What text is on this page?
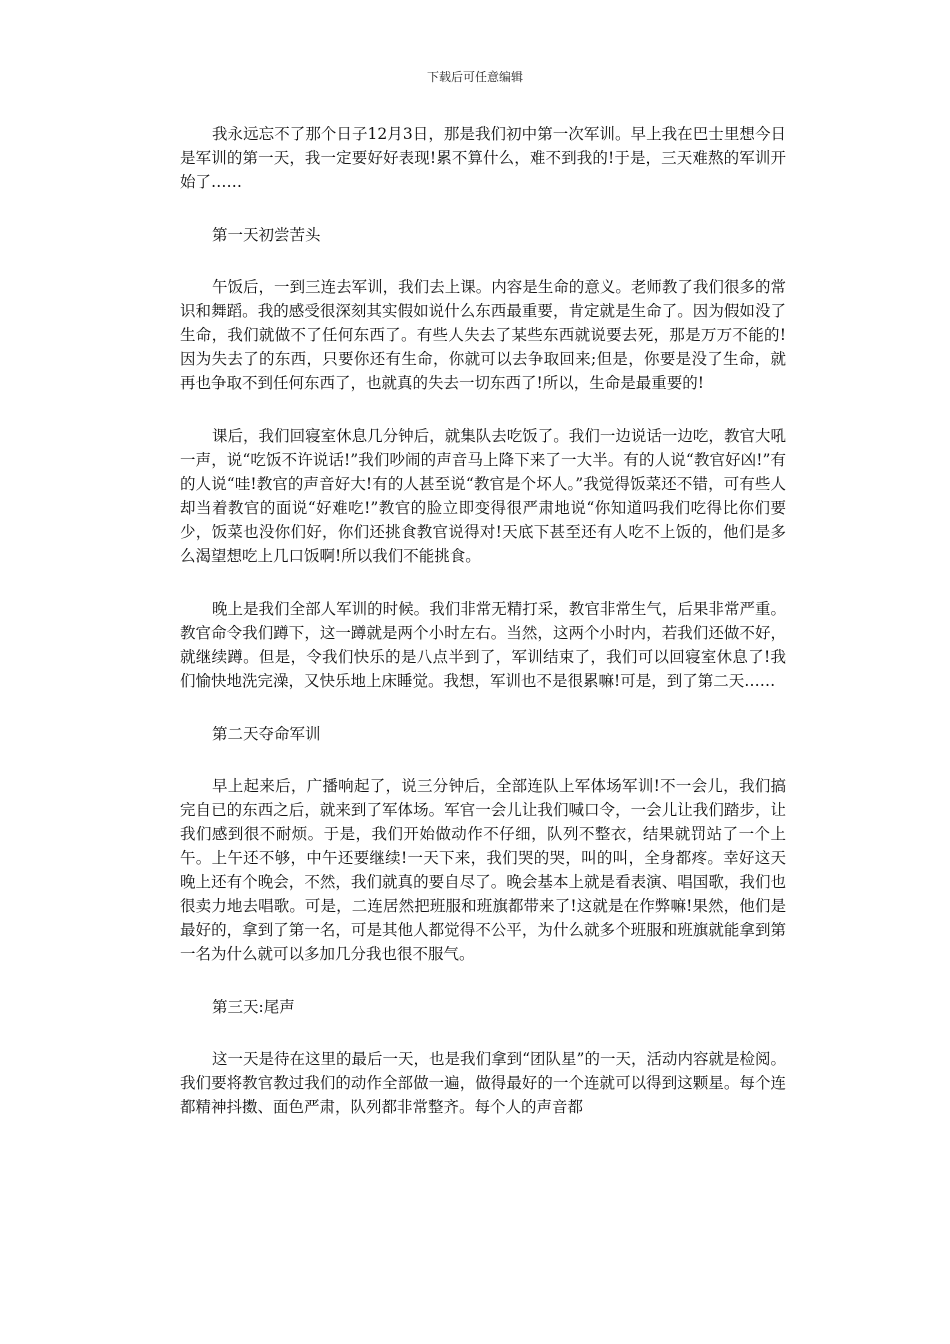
下载后可任意编辑

我永远忘不了那个日子12月3日，那是我们初中第一次军训。早上我在巴士里想今日是军训的第一天，我一定要好好表现!累不算什么，难不到我的!于是，三天难熬的军训开始了……

第一天初尝苦头

午饭后，一到三连去军训，我们去上课。内容是生命的意义。老师教了我们很多的常识和舞蹈。我的感受很深刻其实假如说什么东西最重要，肯定就是生命了。因为假如没了生命，我们就做不了任何东西了。有些人失去了某些东西就说要去死，那是万万不能的!因为失去了的东西，只要你还有生命，你就可以去争取回来;但是，你要是没了生命，就再也争取不到任何东西了，也就真的失去一切东西了!所以，生命是最重要的!

课后，我们回寝室休息几分钟后，就集队去吃饭了。我们一边说话一边吃，教官大吼一声，说“吃饭不许说话!”我们吵闹的声音马上降下来了一大半。有的人说“教官好凶!”有的人说“哇!教官的声音好大!有的人甚至说“教官是个坏人。”我觉得饭菜还不错，可有些人却当着教官的面说“好难吃!”教官的脸立即变得很严肃地说“你知道吗我们吃得比你们要少，饭菜也没你们好，你们还挑食教官说得对!天底下甚至还有人吃不上饭的，他们是多么渴望想吃上几口饭啊!所以我们不能挑食。

晚上是我们全部人军训的时候。我们非常无精打采，教官非常生气，后果非常严重。教官命令我们蹲下，这一蹲就是两个小时左右。当然，这两个小时内，若我们还做不好，就继续蹲。但是，令我们快乐的是八点半到了，军训结束了，我们可以回寝室休息了!我们愉快地洗完澡，又快乐地上床睡觉。我想，军训也不是很累嘛!可是，到了第二天……

第二天夺命军训

早上起来后，广播响起了，说三分钟后，全部连队上军体场军训!不一会儿，我们搞完自已的东西之后，就来到了军体场。军官一会儿让我们喊口令，一会儿让我们踏步，让我们感到很不耐烦。于是，我们开始做动作不仔细，队列不整衣，结果就罚站了一个上午。上午还不够，中午还要继续!一天下来，我们哭的哭，叫的叫，全身都疼。幸好这天晚上还有个晚会，不然，我们就真的要自尽了。晚会基本上就是看表演、唱国歌，我们也很卖力地去唱歌。可是，二连居然把班服和班旗都带来了!这就是在作弊嘛!果然，他们是最好的，拿到了第一名，可是其他人都觉得不公平，为什么就多个班服和班旗就能拿到第一名为什么就可以多加几分我也很不服气。

第三天:尾声

这一天是待在这里的最后一天，也是我们拿到“团队星”的一天，活动内容就是检阅。我们要将教官教过我们的动作全部做一遍，做得最好的一个连就可以得到这颗星。每个连都精神抖擞、面色严肃，队列都非常整齐。每个人的声音都
